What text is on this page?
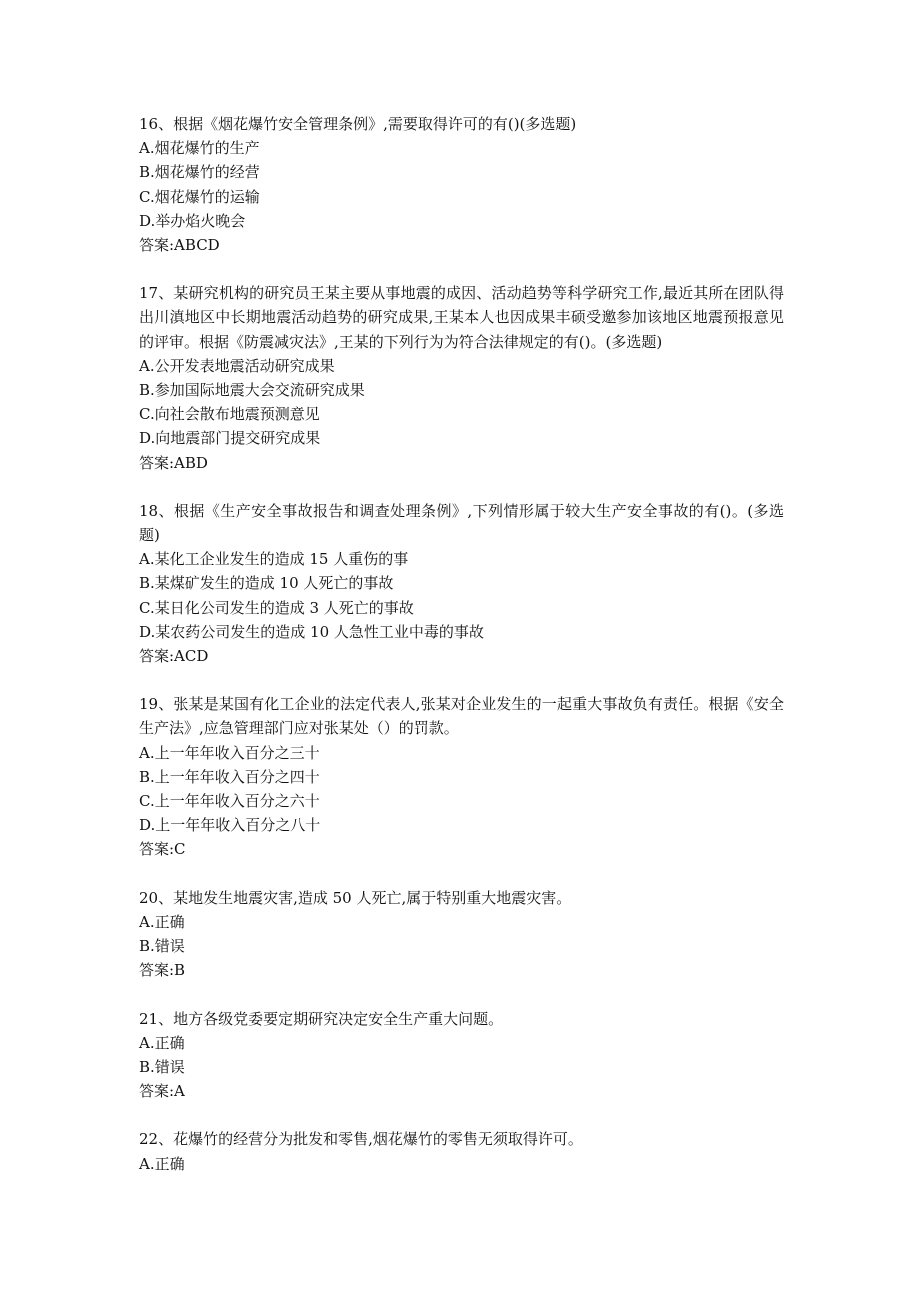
16、根据《烟花爆竹安全管理条例》,需要取得许可的有()(多选题)
A.烟花爆竹的生产
B.烟花爆竹的经营
C.烟花爆竹的运输
D.举办焰火晚会
答案:ABCD
17、某研究机构的研究员王某主要从事地震的成因、活动趋势等科学研究工作,最近其所在团队得出川滇地区中长期地震活动趋势的研究成果,王某本人也因成果丰硕受邀参加该地区地震预报意见的评审。根据《防震减灾法》,王某的下列行为为符合法律规定的有()。(多选题)
A.公开发表地震活动研究成果
B.参加国际地震大会交流研究成果
C.向社会散布地震预测意见
D.向地震部门提交研究成果
答案:ABD
18、根据《生产安全事故报告和调查处理条例》,下列情形属于较大生产安全事故的有()。(多选题)
A.某化工企业发生的造成 15 人重伤的事
B.某煤矿发生的造成 10 人死亡的事故
C.某日化公司发生的造成 3 人死亡的事故
D.某农药公司发生的造成 10 人急性工业中毒的事故
答案:ACD
19、张某是某国有化工企业的法定代表人,张某对企业发生的一起重大事故负有责任。根据《安全生产法》,应急管理部门应对张某处（）的罚款。
A.上一年年收入百分之三十
B.上一年年收入百分之四十
C.上一年年收入百分之六十
D.上一年年收入百分之八十
答案:C
20、某地发生地震灾害,造成 50 人死亡,属于特别重大地震灾害。
A.正确
B.错误
答案:B
21、地方各级党委要定期研究决定安全生产重大问题。
A.正确
B.错误
答案:A
22、花爆竹的经营分为批发和零售,烟花爆竹的零售无须取得许可。
A.正确
